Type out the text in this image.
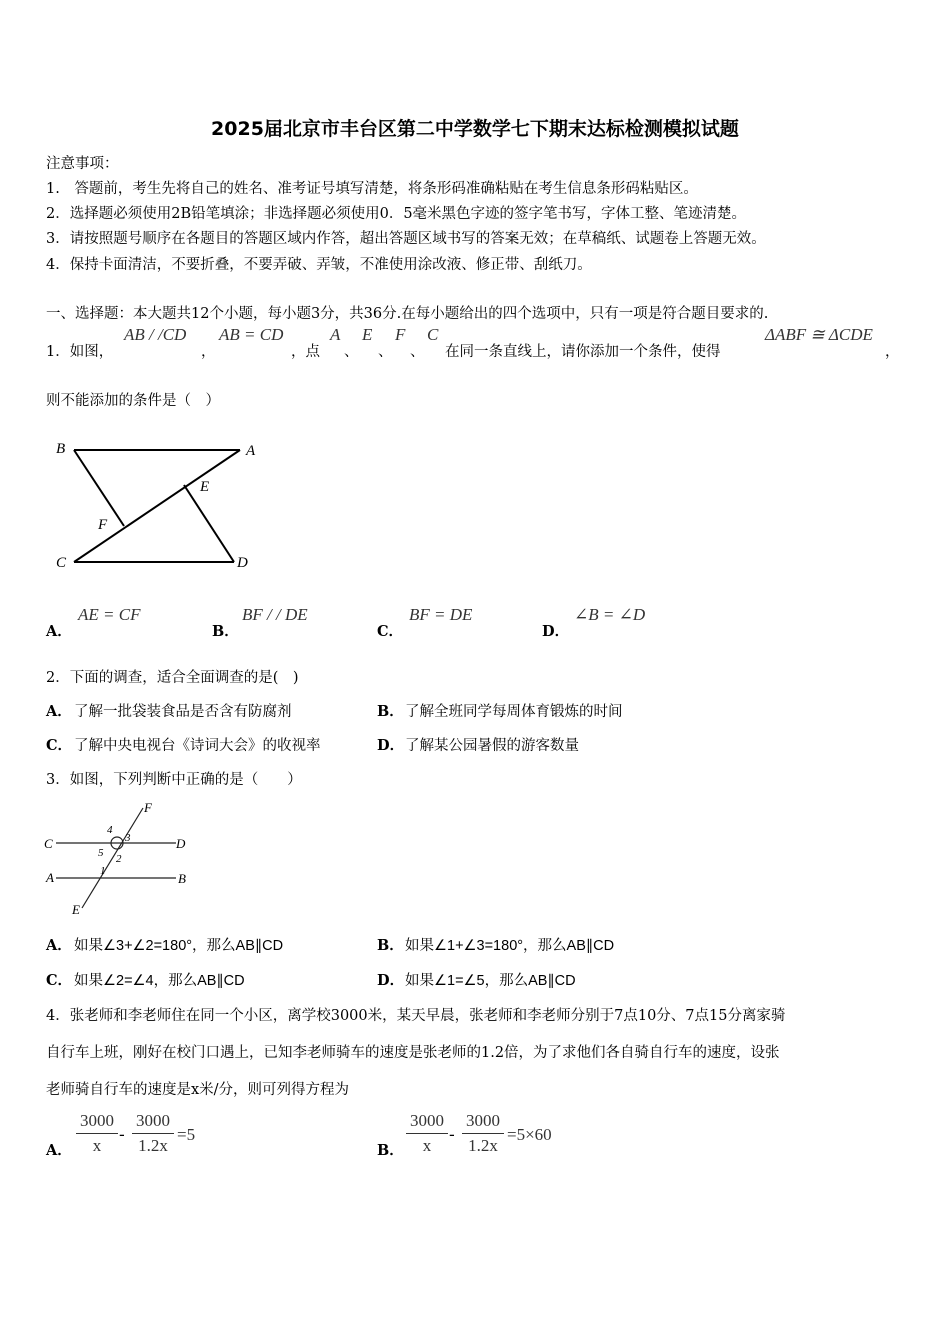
2025届北京市丰台区第二中学数学七下期末达标检测模拟试题
注意事项：
1.　答题前，考生先将自己的姓名、准考证号填写清楚，将条形码准确粘贴在考生信息条形码粘贴区。
2．选择题必须使用2B铅笔填涂；非选择题必须使用0．5毫米黑色字迹的签字笔书写，字体工整、笔迹清楚。
3．请按照题号顺序在各题目的答题区域内作答，超出答题区域书写的答案无效；在草稿纸、试题卷上答题无效。
4．保持卡面清洁，不要折叠，不要弄破、弄皱，不准使用涂改液、修正带、刮纸刀。
一、选择题：本大题共12个小题，每小题3分，共36分.在每小题给出的四个选项中，只有一项是符合题目要求的.
1．如图，
AB / /CD
，
AB = CD
，点
A
、
E
、
F
、
C
在同一条直线上，请你添加一个条件，使得
ΔABF ≅ ΔCDE
，
则不能添加的条件是（　）
B	A
E
F
C	D
A．
AE = CF
B．
BF / / DE
C．
BF = DE
D．
∠B = ∠D
2．下面的调查，适合全面调查的是(　)
A． 了解一批袋装食品是否含有防腐剂	B． 了解全班同学每周体育锻炼的时间
C． 了解中央电视台《诗词大会》的收视率	D． 了解某公园暑假的游客数量
3．如图，下列判断中正确的是（　　）
F
C	D
A	B
E
1
2
3
4
5
A． 如果∠3+∠2=180°，那么AB∥CD	B． 如果∠1+∠3=180°，那么AB∥CD
C． 如果∠2=∠4，那么AB∥CD	D． 如果∠1=∠5，那么AB∥CD
4．张老师和李老师住在同一个小区，离学校3000米，某天早晨，张老师和李老师分别于7点10分、7点15分离家骑
自行车上班，刚好在校门口遇上，已知李老师骑车的速度是张老师的1.2倍，为了求他们各自骑自行车的速度，设张
老师骑自行车的速度是x米/分，则可列得方程为
A．
3000
x
-
3000
1.2x
=5
B．
3000
x
-
3000
1.2x
=5×60
